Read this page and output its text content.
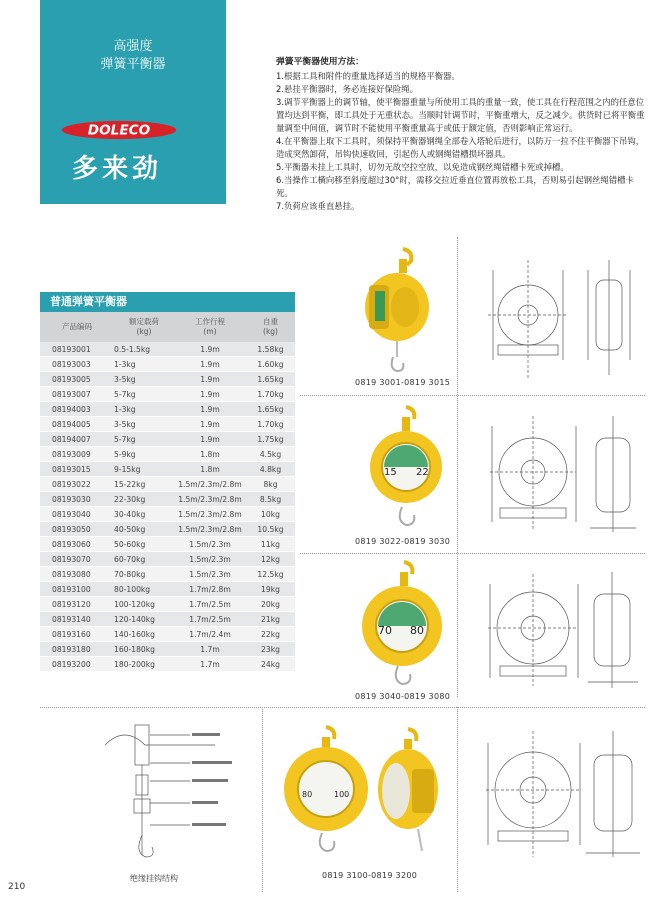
高强度
弹簧平衡器
DOLECO
多来劲
弹簧平衡器使用方法：
1.根据工具和附件的重量选择适当的规格平衡器。
2.悬挂平衡器时，务必连接好保险绳。
3.调节平衡器上的调节轴，使平衡器重量与所使用工具的重量一致，使工具在行程范围之内的任意位置均达到平衡，即工具处于无重状态。当顺时针调节时，平衡重增大，反之减少。供货时已将平衡重量调至中间值，调节时不能使用平衡重量高于或低于额定值，否则影响正常运行。
4.在平衡器上取下工具时，须保持平衡器钢绳全部卷入塔轮后进行，以防万一拉不住平衡器下吊钩，造成突然卸荷，吊钩快速收回，引起伤人或钢绳错槽损坏器具。
5.平衡器未挂上工具时，切勿无故空拉空放，以免造成钢丝绳错槽卡死或掉槽。
6.当操作工横向移至斜度超过30°时，需移交拉近垂直位置再放松工具，否则易引起钢丝绳错槽卡死。
7.负荷应该垂直悬挂。
普通弹簧平衡器
产品编码
额定载荷
(kg)
工作行程
(m)
自重
(kg)
08193001	0.5-1.5kg	1.9m	1.58kg
08193003	1-3kg	1.9m	1.60kg
08193005	3-5kg	1.9m	1.65kg
08193007	5-7kg	1.9m	1.70kg
08194003	1-3kg	1.9m	1.65kg
08194005	3-5kg	1.9m	1.70kg
08194007	5-7kg	1.9m	1.75kg
08193009	5-9kg	1.8m	4.5kg
08193015	9-15kg	1.8m	4.8kg
08193022	15-22kg	1.5m/2.3m/2.8m	8kg
08193030	22-30kg	1.5m/2.3m/2.8m	8.5kg
08193040	30-40kg	1.5m/2.3m/2.8m	10kg
08193050	40-50kg	1.5m/2.3m/2.8m	10.5kg
08193060	50-60kg	1.5m/2.3m	11kg
08193070	60-70kg	1.5m/2.3m	12kg
08193080	70-80kg	1.5m/2.3m	12.5kg
08193100	80-100kg	1.7m/2.8m	19kg
08193120	100-120kg	1.7m/2.5m	20kg
08193140	120-140kg	1.7m/2.5m	21kg
08193160	140-160kg	1.7m/2.4m	22kg
08193180	160-180kg	1.7m	23kg
08193200	180-200kg	1.7m	24kg
0819 3001-0819 3015
15 22
0819 3022-0819 3030
70 80
0819 3040-0819 3080
80	100
0819 3100-0819 3200
绝缘挂钩结构
210
